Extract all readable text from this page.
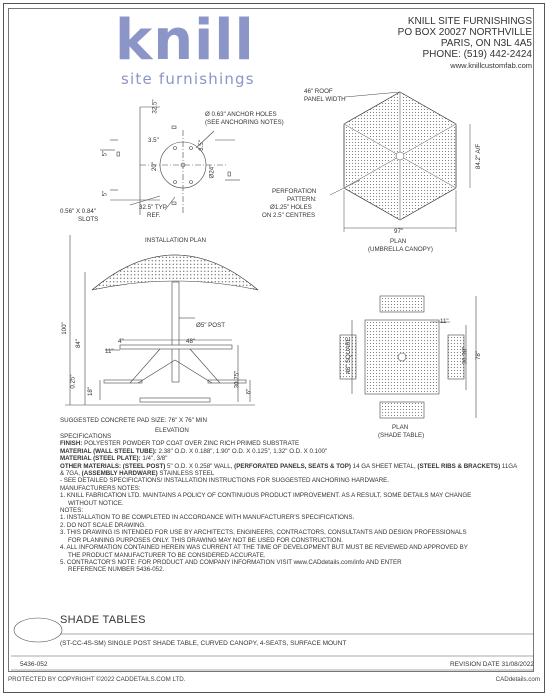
knill
site furnishings
KNILL SITE FURNISHINGS
PO BOX 20027 NORTHVILLE
PARIS, ON N3L 4A5
PHONE: (519) 442-2424
www.knillcustomfab.com
32.5"
Ø 0.63" ANCHOR HOLES
(SEE ANCHORING NOTES)
3.5"	3.5"
20"	Ø24"
5"
5"
0.56" X 0.84"
SLOTS
32.5" TYP
REF.
INSTALLATION PLAN
46" ROOF
PANEL WIDTH
84.2" A/F
PERFORATION
PATTERN:
Ø1.25" HOLES
ON 2.5" CENTRES
97"
PLAN
(UMBRELLA CANOPY)
100"
84"
Ø5" POST
4"	48"
11"
0.25"
18"
30.75"
6"
SUGGESTED CONCRETE PAD SIZE: 76" X 76" MIN
ELEVATION
11"
46" SQUARE	36.38" 78"
PLAN
(SHADE TABLE)

SPECIFICATIONS

FINISH: POLYESTER POWDER TOP COAT OVER ZINC RICH PRIMED SUBSTRATE

MATERIAL (WALL STEEL TUBE): 2.38" O.D. X 0.188", 1.90" O.D. X 0.125", 1.32" O.D. X 0.100"

MATERIAL (STEEL PLATE): 1/4", 3/8"

OTHER MATERIALS: (STEEL POST) 5" O.D. X 0.258" WALL, (PERFORATED PANELS, SEATS & TOP) 14 GA SHEET METAL, (STEEL RIBS & BRACKETS) 11GA & 7GA, (ASSEMBLY HARDWARE) STAINLESS STEEL

- SEE DETAILED SPECIFICATIONS/ INSTALLATION INSTRUCTIONS FOR SUGGESTED ANCHORING HARDWARE.

MANUFACTURERS NOTES:

1. KNILL FABRICATION LTD. MAINTAINS A POLICY OF CONTINUOUS PRODUCT IMPROVEMENT. AS A RESULT, SOME DETAILS MAY CHANGE

WITHOUT NOTICE.

NOTES:

1. INSTALLATION TO BE COMPLETED IN ACCORDANCE WITH MANUFACTURER'S SPECIFICATIONS.

2. DO NOT SCALE DRAWING.

3. THIS DRAWING IS INTENDED FOR USE BY ARCHITECTS, ENGINEERS, CONTRACTORS, CONSULTANTS AND DESIGN PROFESSIONALS

FOR PLANNING PURPOSES ONLY. THIS DRAWING MAY NOT BE USED FOR CONSTRUCTION.

4. ALL INFORMATION CONTAINED HEREIN WAS CURRENT AT THE TIME OF DEVELOPMENT BUT MUST BE REVIEWED AND APPROVED BY

THE PRODUCT MANUFACTURER TO BE CONSIDERED ACCURATE.

5. CONTRACTOR'S NOTE: FOR PRODUCT AND COMPANY INFORMATION VISIT www.CADdetails.com/info AND ENTER

REFERENCE NUMBER 5436-052.

SHADE TABLES
(ST-CC-4S-SM) SINGLE POST SHADE TABLE, CURVED CANOPY, 4-SEATS, SURFACE MOUNT
5436-052	REVISION DATE 31/08/2022
PROTECTED BY COPYRIGHT ©2022 CADDETAILS.COM LTD.	CADdetails.com
